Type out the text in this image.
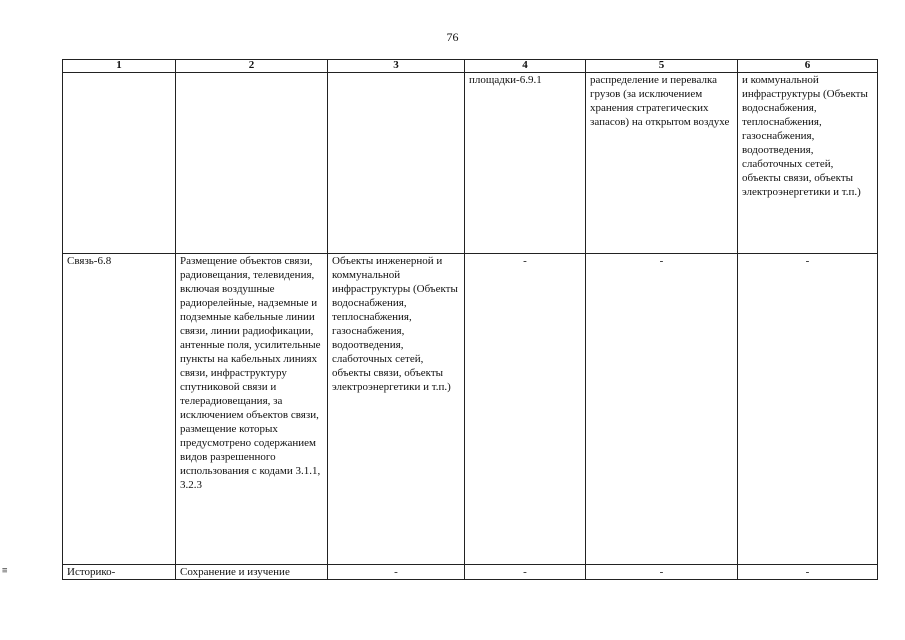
76
≡
1	2	3	4	5	6
			площадки-6.9.1	распределение и перевалка грузов (за исключением хранения стратегических запасов) на открытом воздухе	и коммунальной инфраструктуры (Объекты водоснабжения, теплоснабжения, газоснабжения, водоотведения, слаботочных сетей, объекты связи, объекты электроэнергетики и т.п.)
Связь-6.8	Размещение объектов связи, радиовещания, телевидения, включая воздушные радиорелейные, надземные и подземные кабельные линии связи, линии радиофикации, антенные поля, усилительные пункты на кабельных линиях связи, инфраструктуру спутниковой связи и телерадиовещания, за исключением объектов связи, размещение которых предусмотрено содержанием видов разрешенного использования с кодами 3.1.1, 3.2.3	Объекты инженерной и коммунальной инфраструктуры (Объекты водоснабжения, теплоснабжения, газоснабжения, водоотведения, слаботочных сетей, объекты связи, объекты электроэнергетики и т.п.)	-	-	-
Историко-	Сохранение и изучение	-	-	-	-
